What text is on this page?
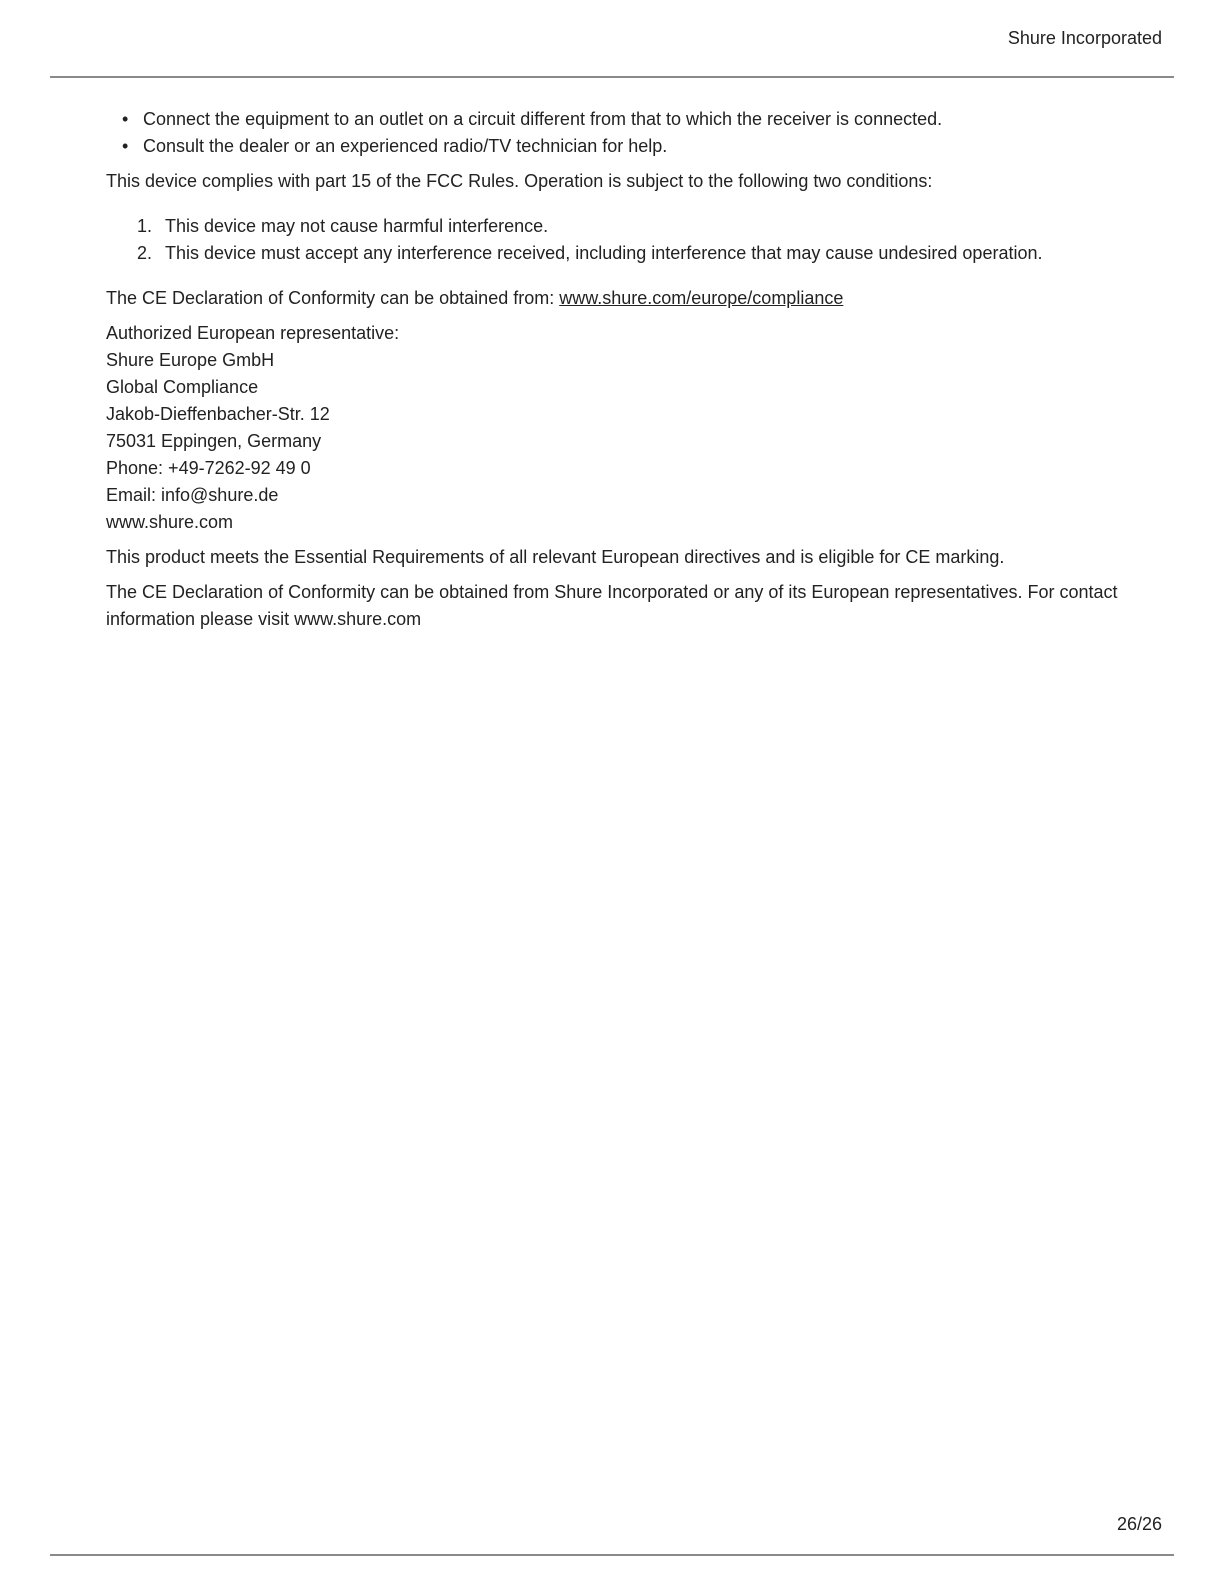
Shure Incorporated
• Connect the equipment to an outlet on a circuit different from that to which the receiver is connected.
• Consult the dealer or an experienced radio/TV technician for help.

This device complies with part 15 of the FCC Rules. Operation is subject to the following two conditions:

1. This device may not cause harmful interference.
2. This device must accept any interference received, including interference that may cause undesired operation.

The CE Declaration of Conformity can be obtained from: www.shure.com/europe/compliance

Authorized European representative:
Shure Europe GmbH
Global Compliance
Jakob-Dieffenbacher-Str. 12
75031 Eppingen, Germany
Phone: +49-7262-92 49 0
Email: info@shure.de
www.shure.com

This product meets the Essential Requirements of all relevant European directives and is eligible for CE marking.

The CE Declaration of Conformity can be obtained from Shure Incorporated or any of its European representatives. For contact information please visit www.shure.com

26/26
